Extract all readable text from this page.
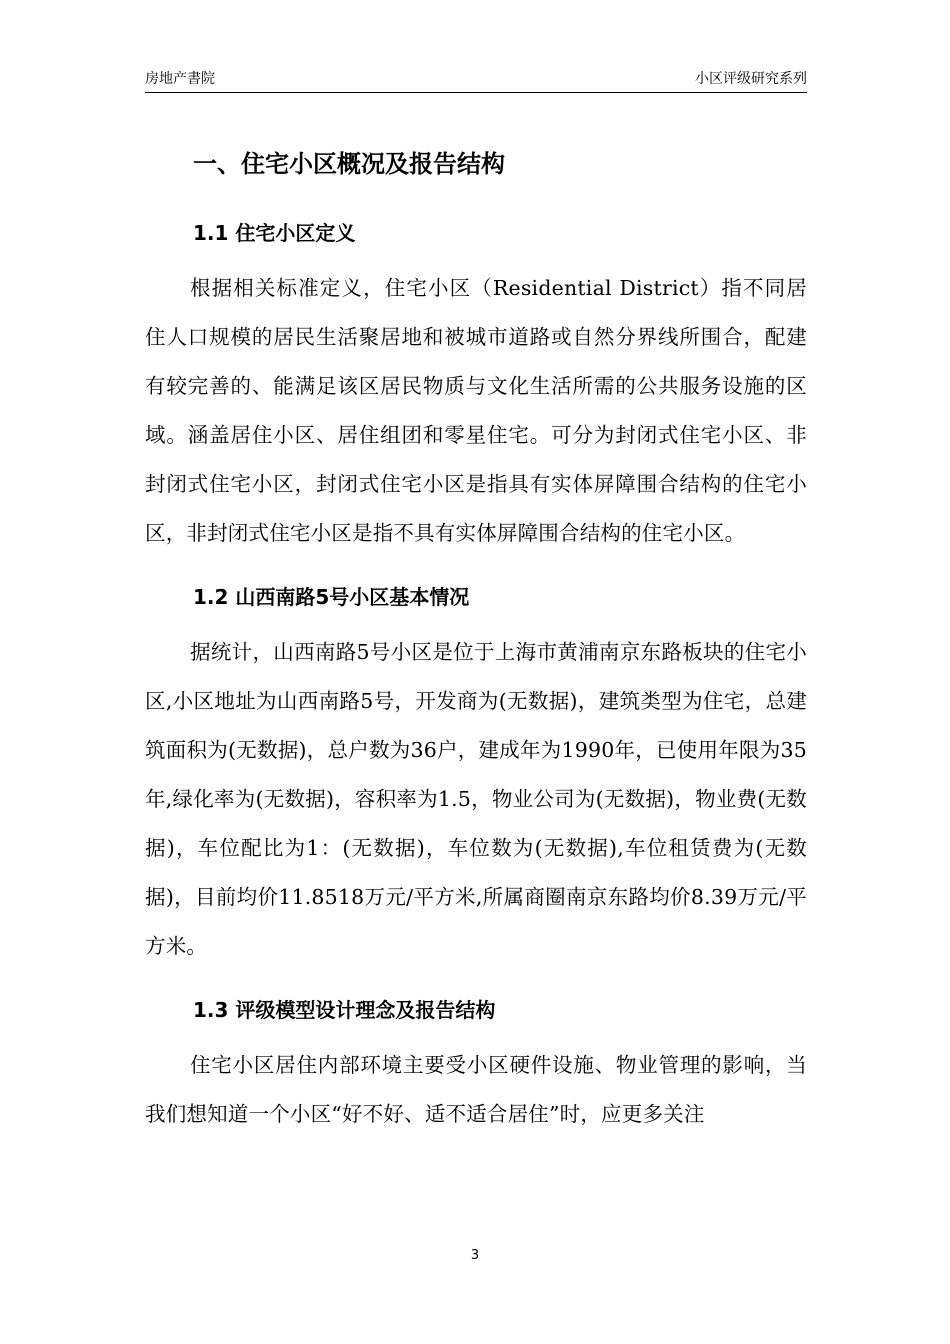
房地产書院	小区评级研究系列
一、住宅小区概况及报告结构
1.1 住宅小区定义

根据相关标准定义，住宅小区（Residential District）指不同居住人口规模的居民生活聚居地和被城市道路或自然分界线所围合，配建有较完善的、能满足该区居民物质与文化生活所需的公共服务设施的区域。涵盖居住小区、居住组团和零星住宅。可分为封闭式住宅小区、非封闭式住宅小区，封闭式住宅小区是指具有实体屏障围合结构的住宅小区，非封闭式住宅小区是指不具有实体屏障围合结构的住宅小区。

1.2 山西南路5号小区基本情况

据统计，山西南路5号小区是位于上海市黄浦南京东路板块的住宅小区,小区地址为山西南路5号，开发商为(无数据)，建筑类型为住宅，总建筑面积为(无数据)，总户数为36户，建成年为1990年，已使用年限为35年,绿化率为(无数据)，容积率为1.5，物业公司为(无数据)，物业费(无数据)，车位配比为1：(无数据)，车位数为(无数据),车位租赁费为(无数据)，目前均价11.8518万元/平方米,所属商圈南京东路均价8.39万元/平方米。

1.3 评级模型设计理念及报告结构

住宅小区居住内部环境主要受小区硬件设施、物业管理的影响，当我们想知道一个小区“好不好、适不适合居住”时，应更多关注

3
